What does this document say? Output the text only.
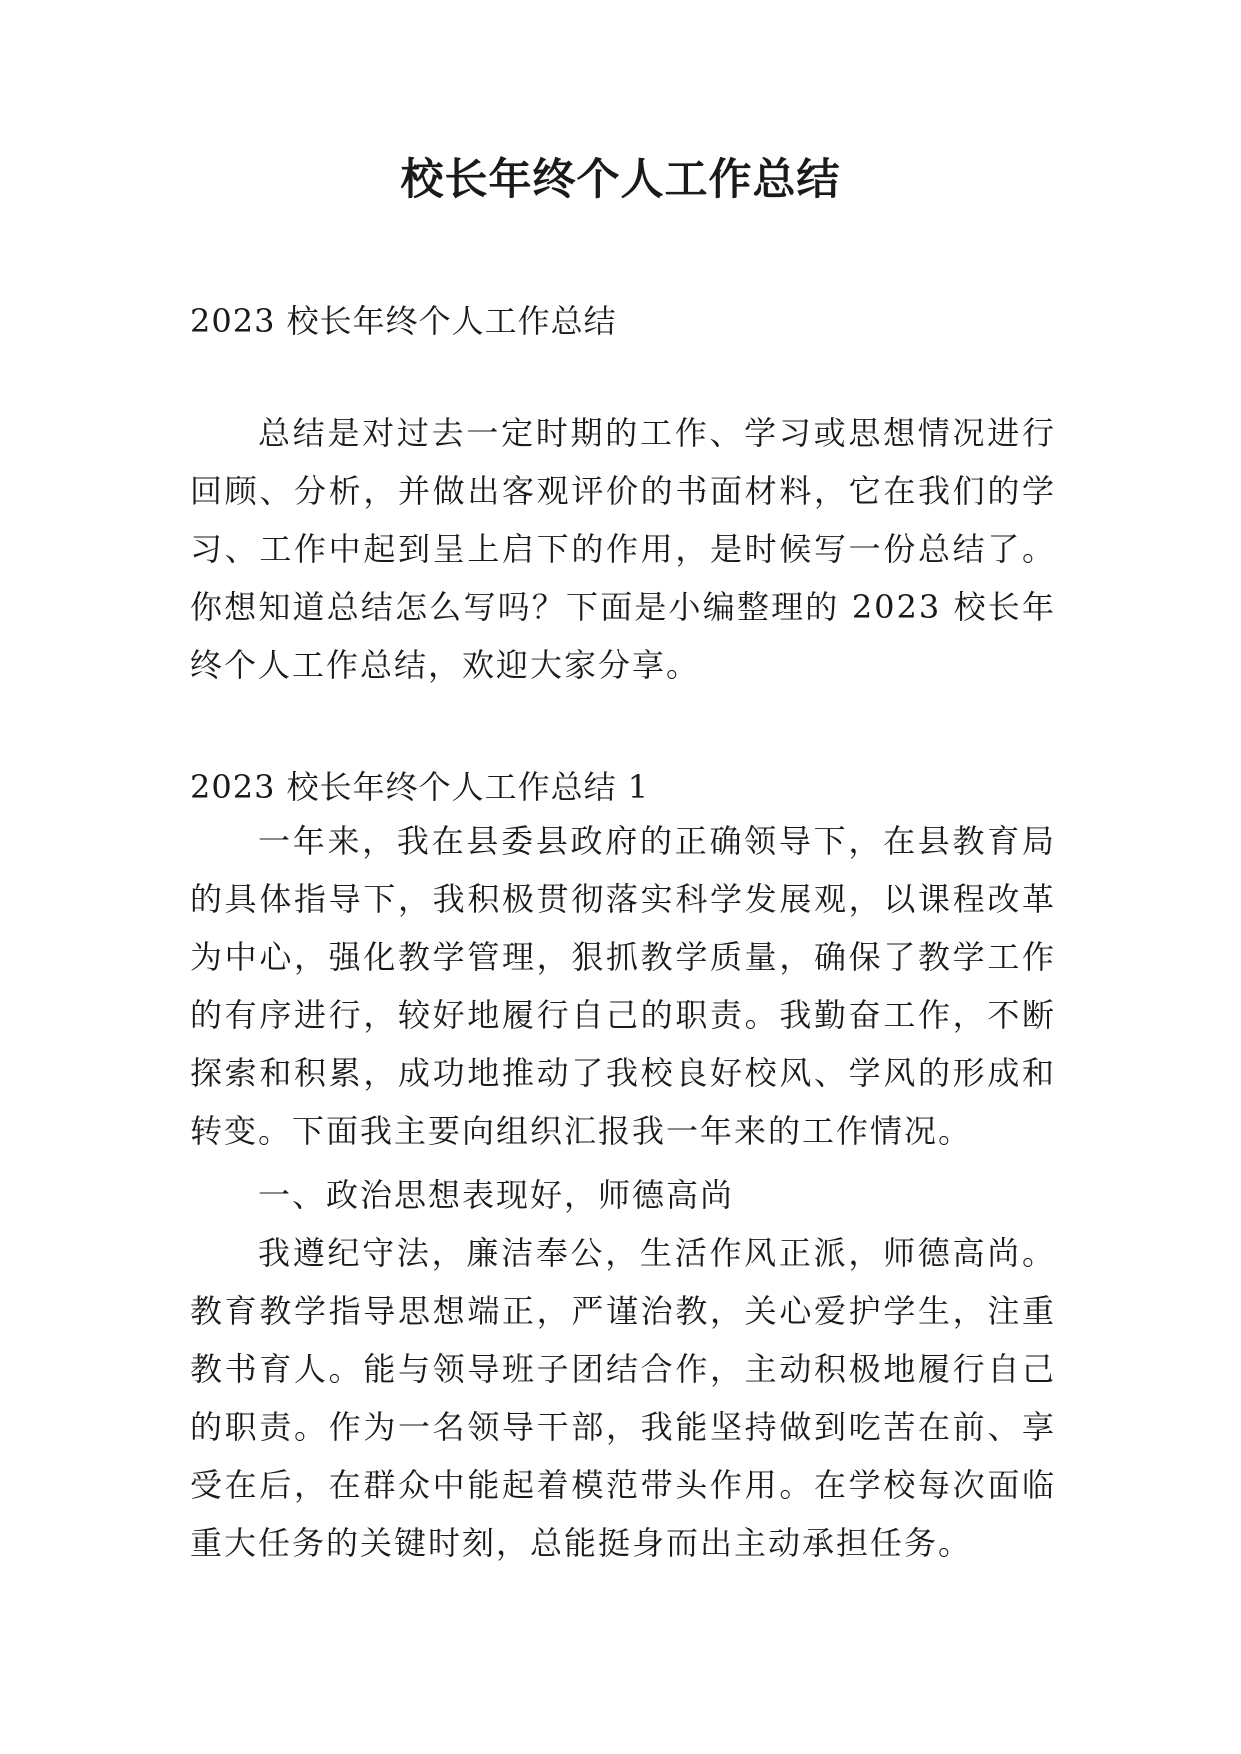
校长年终个人工作总结

2023 校长年终个人工作总结

总结是对过去一定时期的工作、学习或思想情况进行回顾、分析，并做出客观评价的书面材料，它在我们的学习、工作中起到呈上启下的作用，是时候写一份总结了。你想知道总结怎么写吗？下面是小编整理的 2023 校长年终个人工作总结，欢迎大家分享。

2023 校长年终个人工作总结 1

一年来，我在县委县政府的正确领导下，在县教育局的具体指导下，我积极贯彻落实科学发展观，以课程改革为中心，强化教学管理，狠抓教学质量，确保了教学工作的有序进行，较好地履行自己的职责。我勤奋工作，不断探索和积累，成功地推动了我校良好校风、学风的形成和转变。下面我主要向组织汇报我一年来的工作情况。

一、政治思想表现好，师德高尚

我遵纪守法，廉洁奉公，生活作风正派，师德高尚。教育教学指导思想端正，严谨治教，关心爱护学生，注重教书育人。能与领导班子团结合作，主动积极地履行自己的职责。作为一名领导干部，我能坚持做到吃苦在前、享受在后，在群众中能起着模范带头作用。在学校每次面临重大任务的关键时刻，总能挺身而出主动承担任务。
